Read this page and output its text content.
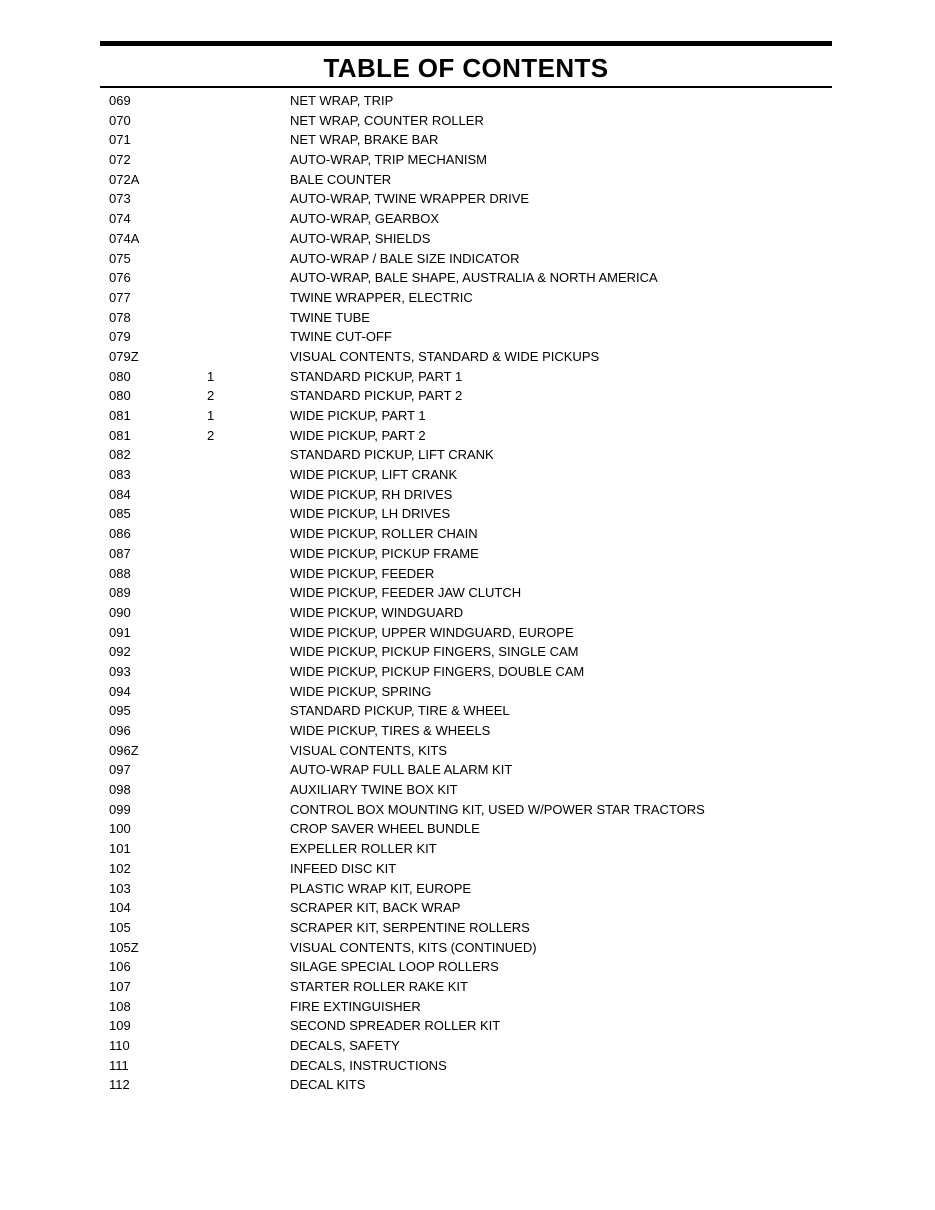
TABLE OF CONTENTS
069	NET WRAP, TRIP
070	NET WRAP, COUNTER ROLLER
071	NET WRAP, BRAKE BAR
072	AUTO-WRAP, TRIP MECHANISM
072A	BALE COUNTER
073	AUTO-WRAP, TWINE WRAPPER DRIVE
074	AUTO-WRAP, GEARBOX
074A	AUTO-WRAP, SHIELDS
075	AUTO-WRAP / BALE SIZE INDICATOR
076	AUTO-WRAP, BALE SHAPE, AUSTRALIA & NORTH AMERICA
077	TWINE WRAPPER, ELECTRIC
078	TWINE TUBE
079	TWINE CUT-OFF
079Z	VISUAL CONTENTS, STANDARD & WIDE PICKUPS
080	1	STANDARD PICKUP, PART 1
080	2	STANDARD PICKUP, PART 2
081	1	WIDE PICKUP, PART 1
081	2	WIDE PICKUP, PART 2
082	STANDARD PICKUP, LIFT CRANK
083	WIDE PICKUP, LIFT CRANK
084	WIDE PICKUP, RH DRIVES
085	WIDE PICKUP, LH DRIVES
086	WIDE PICKUP, ROLLER CHAIN
087	WIDE PICKUP, PICKUP FRAME
088	WIDE PICKUP, FEEDER
089	WIDE PICKUP, FEEDER JAW CLUTCH
090	WIDE PICKUP, WINDGUARD
091	WIDE PICKUP, UPPER WINDGUARD, EUROPE
092	WIDE PICKUP, PICKUP FINGERS, SINGLE CAM
093	WIDE PICKUP, PICKUP FINGERS, DOUBLE CAM
094	WIDE PICKUP, SPRING
095	STANDARD PICKUP, TIRE & WHEEL
096	WIDE PICKUP, TIRES & WHEELS
096Z	VISUAL CONTENTS, KITS
097	AUTO-WRAP FULL BALE ALARM KIT
098	AUXILIARY TWINE BOX KIT
099	CONTROL BOX MOUNTING KIT, USED W/POWER STAR TRACTORS
100	CROP SAVER WHEEL BUNDLE
101	EXPELLER ROLLER KIT
102	INFEED DISC KIT
103	PLASTIC WRAP KIT, EUROPE
104	SCRAPER KIT, BACK WRAP
105	SCRAPER KIT, SERPENTINE ROLLERS
105Z	VISUAL CONTENTS, KITS (CONTINUED)
106	SILAGE SPECIAL LOOP ROLLERS
107	STARTER ROLLER RAKE KIT
108	FIRE EXTINGUISHER
109	SECOND SPREADER ROLLER KIT
110	DECALS, SAFETY
111	DECALS, INSTRUCTIONS
112	DECAL KITS
